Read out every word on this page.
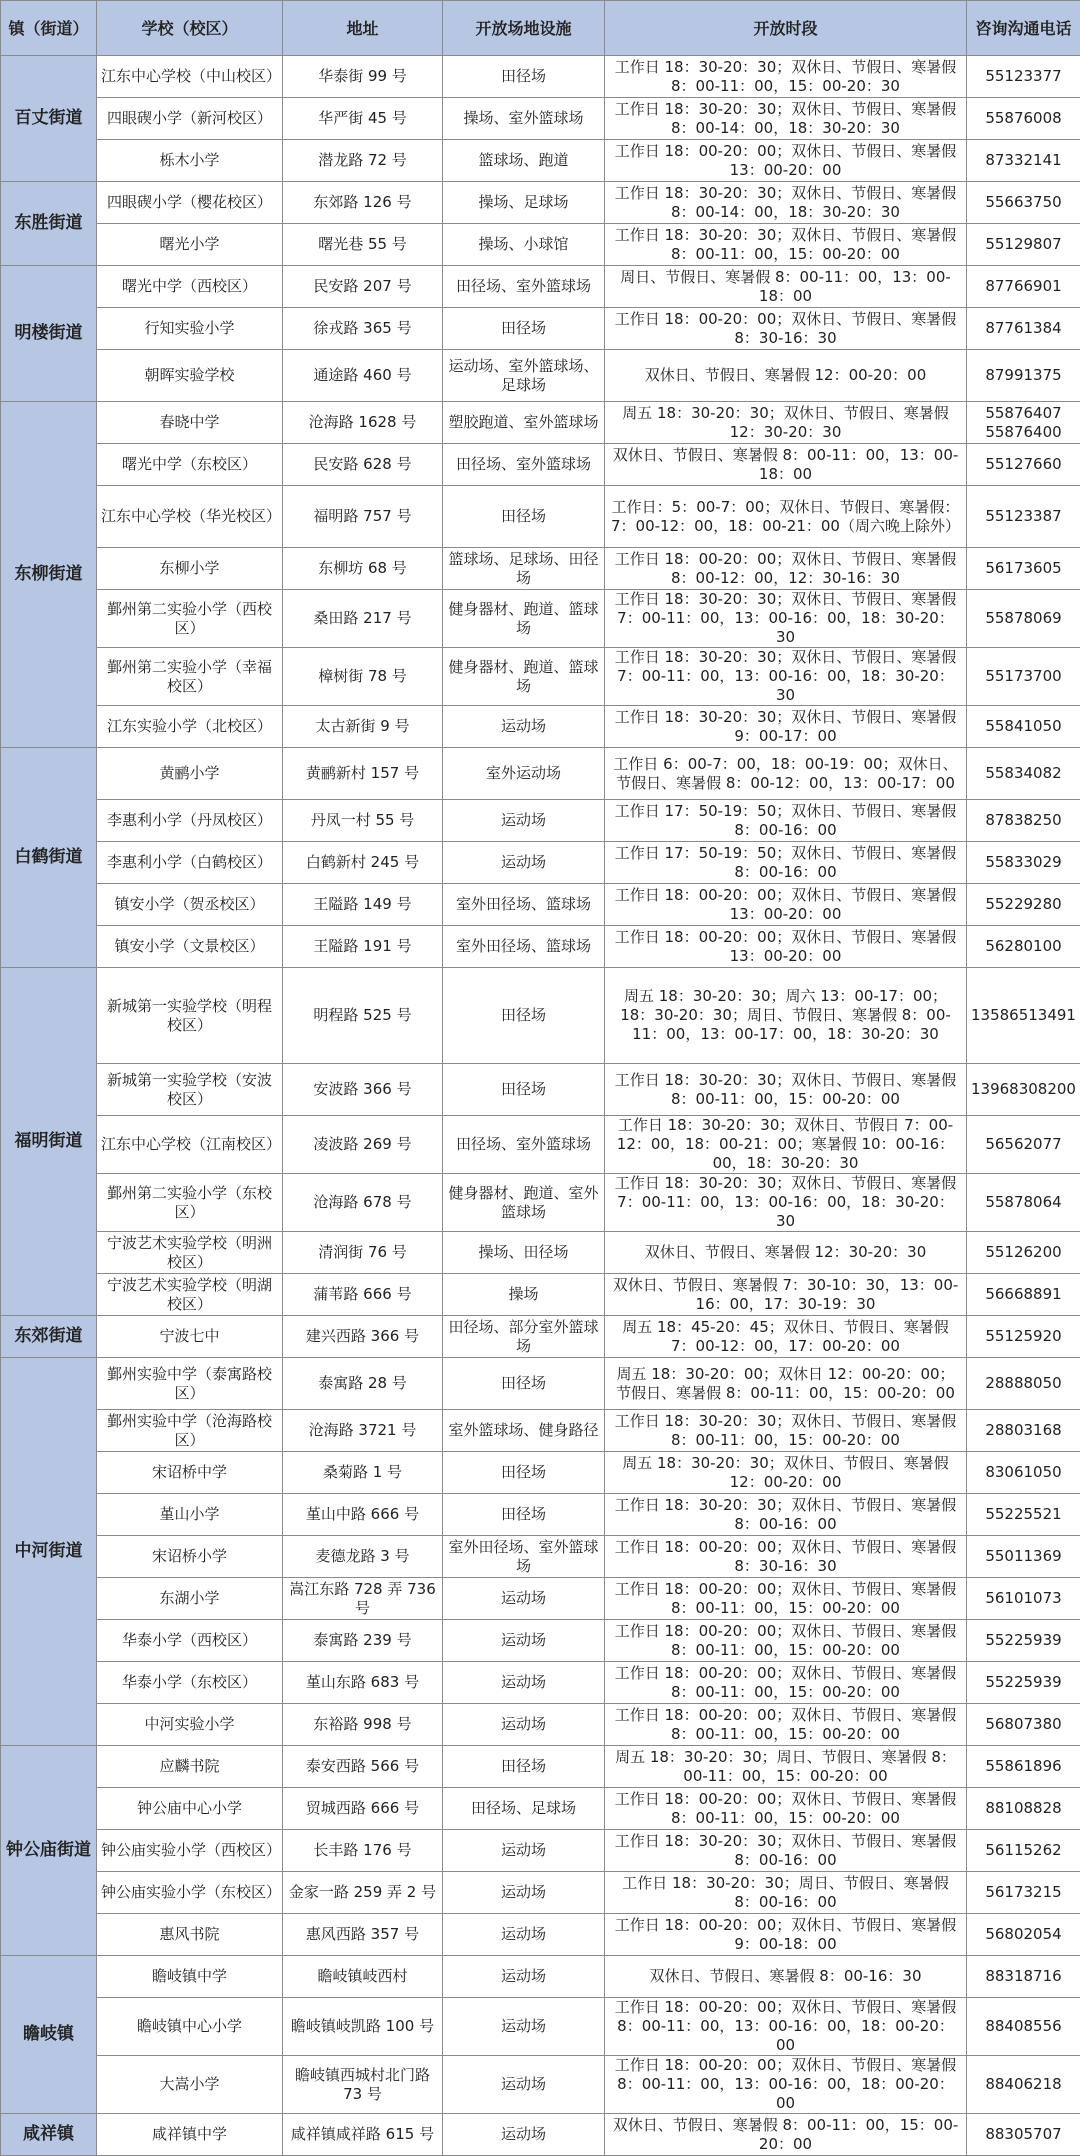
镇（街道）	学校（校区）	地址	开放场地设施	开放时段	咨询沟通电话
百丈街道	江东中心学校（中山校区）	华泰街 99 号	田径场	工作日 18：30-20：30；双休日、节假日、寒暑假 8：00-11：00，15：00-20：30	55123377
	四眼碶小学（新河校区）	华严街 45 号	操场、室外篮球场	工作日 18：30-20：30；双休日、节假日、寒暑假 8：00-14：00，18：30-20：30	55876008
	栎木小学	潜龙路 72 号	篮球场、跑道	工作日 18：00-20：00；双休日、节假日、寒暑假 13：00-20：00	87332141
东胜街道	四眼碶小学（樱花校区）	东郊路 126 号	操场、足球场	工作日 18：30-20：30；双休日、节假日、寒暑假 8：00-14：00，18：30-20：30	55663750
	曙光小学	曙光巷 55 号	操场、小球馆	工作日 18：30-20：30；双休日、节假日、寒暑假 8：00-11：00，15：00-20：00	55129807
明楼街道	曙光中学（西校区）	民安路 207 号	田径场、室外篮球场	周日、节假日、寒暑假 8：00-11：00，13：00-18：00	87766901
	行知实验小学	徐戎路 365 号	田径场	工作日 18：00-20：00；双休日、节假日、寒暑假 8：30-16：30	87761384
	朝晖实验学校	通途路 460 号	运动场、室外篮球场、足球场	双休日、节假日、寒暑假 12：00-20：00	87991375
东柳街道	春晓中学	沧海路 1628 号	塑胶跑道、室外篮球场	周五 18：30-20：30；双休日、节假日、寒暑假 12：30-20：30	55876407 55876400
	曙光中学（东校区）	民安路 628 号	田径场、室外篮球场	双休日、节假日、寒暑假 8：00-11：00，13：00-18：00	55127660
	江东中心学校（华光校区）	福明路 757 号	田径场	工作日：5：00-7：00；双休日、节假日、寒暑假：7：00-12：00，18：00-21：00（周六晚上除外）	55123387
	东柳小学	东柳坊 68 号	篮球场、足球场、田径场	工作日 18：00-20：00；双休日、节假日、寒暑假 8：00-12：00，12：30-16：30	56173605
	鄞州第二实验小学（西校区）	桑田路 217 号	健身器材、跑道、篮球场	工作日 18：30-20：30；双休日、节假日、寒暑假 7：00-11：00，13：00-16：00，18：30-20：30	55878069
	鄞州第二实验小学（幸福校区）	樟树街 78 号	健身器材、跑道、篮球场	工作日 18：30-20：30；双休日、节假日、寒暑假 7：00-11：00，13：00-16：00，18：30-20：30	55173700
	江东实验小学（北校区）	太古新街 9 号	运动场	工作日 18：30-20：30；双休日、节假日、寒暑假 9：00-17：00	55841050
白鹤街道	黄鹂小学	黄鹂新村 157 号	室外运动场	工作日 6：00-7：00，18：00-19：00；双休日、节假日、寒暑假 8：00-12：00，13：00-17：00	55834082
	李惠利小学（丹凤校区）	丹凤一村 55 号	运动场	工作日 17：50-19：50；双休日、节假日、寒暑假 8：00-16：00	87838250
	李惠利小学（白鹤校区）	白鹤新村 245 号	运动场	工作日 17：50-19：50；双休日、节假日、寒暑假 8：00-16：00	55833029
	镇安小学（贺丞校区）	王隘路 149 号	室外田径场、篮球场	工作日 18：00-20：00；双休日、节假日、寒暑假 13：00-20：00	55229280
	镇安小学（文景校区）	王隘路 191 号	室外田径场、篮球场	工作日 18：00-20：00；双休日、节假日、寒暑假 13：00-20：00	56280100
福明街道	新城第一实验学校（明程校区）	明程路 525 号	田径场	周五 18：30-20：30；周六 13：00-17：00；18：30-20：30；周日、节假日、寒暑假 8：00-11：00，13：00-17：00，18：30-20：30	13586513491
	新城第一实验学校（安波校区）	安波路 366 号	田径场	工作日 18：30-20：30；双休日、节假日、寒暑假 8：00-11：00，15：00-20：00	13968308200
	江东中心学校（江南校区）	凌波路 269 号	田径场、室外篮球场	工作日 18：30-20：30；双休日、节假日 7：00-12：00，18：00-21：00；寒暑假 10：00-16：00，18：30-20：30	56562077
	鄞州第二实验小学（东校区）	沧海路 678 号	健身器材、跑道、室外篮球场	工作日 18：30-20：30；双休日、节假日、寒暑假 7：00-11：00，13：00-16：00，18：30-20：30	55878064
	宁波艺术实验学校（明洲校区）	清润街 76 号	操场、田径场	双休日、节假日、寒暑假 12：30-20：30	55126200
	宁波艺术实验学校（明湖校区）	蒲苇路 666 号	操场	双休日、节假日、寒暑假 7：30-10：30，13：00-16：00，17：30-19：30	56668891
东郊街道	宁波七中	建兴西路 366 号	田径场、部分室外篮球场	周五 18：45-20：45；双休日、节假日、寒暑假 7：00-12：00，17：00-20：00	55125920
中河街道	鄞州实验中学（泰寓路校区）	泰寓路 28 号	田径场	周五 18：30-20：00；双休日 12：00-20：00；节假日、寒暑假 8：00-11：00，15：00-20：00	28888050
	鄞州实验中学（沧海路校区）	沧海路 3721 号	室外篮球场、健身路径	工作日 18：30-20：30；双休日、节假日、寒暑假 8：00-11：00，15：00-20：00	28803168
	宋诏桥中学	桑菊路 1 号	田径场	周五 18：30-20：30；双休日、节假日、寒暑假 12：00-20：00	83061050
	堇山小学	堇山中路 666 号	田径场	工作日 18：30-20：30；双休日、节假日、寒暑假 8：00-16：00	55225521
	宋诏桥小学	麦德龙路 3 号	室外田径场、室外篮球场	工作日 18：00-20：00；双休日、节假日、寒暑假 8：30-16：30	55011369
	东湖小学	嵩江东路 728 弄 736 号	运动场	工作日 18：00-20：00；双休日、节假日、寒暑假 8：00-11：00，15：00-20：00	56101073
	华泰小学（西校区）	泰寓路 239 号	运动场	工作日 18：00-20：00；双休日、节假日、寒暑假 8：00-11：00，15：00-20：00	55225939
	华泰小学（东校区）	堇山东路 683 号	运动场	工作日 18：00-20：00；双休日、节假日、寒暑假 8：00-11：00，15：00-20：00	55225939
	中河实验小学	东裕路 998 号	运动场	工作日 18：00-20：00；双休日、节假日、寒暑假 8：00-11：00，15：00-20：00	56807380
钟公庙街道	应麟书院	泰安西路 566 号	田径场	周五 18：30-20：30；周日、节假日、寒暑假 8：00-11：00，15：00-20：00	55861896
	钟公庙中心小学	贸城西路 666 号	田径场、足球场	工作日 18：00-20：00；双休日、节假日、寒暑假 8：00-11：00，15：00-20：00	88108828
	钟公庙实验小学（西校区）	长丰路 176 号	运动场	工作日 18：30-20：30；双休日、节假日、寒暑假 8：00-16：00	56115262
	钟公庙实验小学（东校区）	金家一路 259 弄 2 号	运动场	工作日 18：30-20：30；周日、节假日、寒暑假 8：00-16：00	56173215
	惠风书院	惠风西路 357 号	运动场	工作日 18：00-20：00；双休日、节假日、寒暑假 9：00-18：00	56802054
瞻岐镇	瞻岐镇中学	瞻岐镇岐西村	运动场	双休日、节假日、寒暑假 8：00-16：30	88318716
	瞻岐镇中心小学	瞻岐镇岐凯路 100 号	运动场	工作日 18：00-20：00；双休日、节假日、寒暑假 8：00-11：00，13：00-16：00，18：00-20：00	88408556
	大嵩小学	瞻岐镇西城村北门路 73 号	运动场	工作日 18：00-20：00；双休日、节假日、寒暑假 8：00-11：00，13：00-16：00，18：00-20：00	88406218
咸祥镇	咸祥镇中学	咸祥镇咸祥路 615 号	运动场	双休日、节假日、寒暑假 8：00-11：00，15：00-20：00	88305707
